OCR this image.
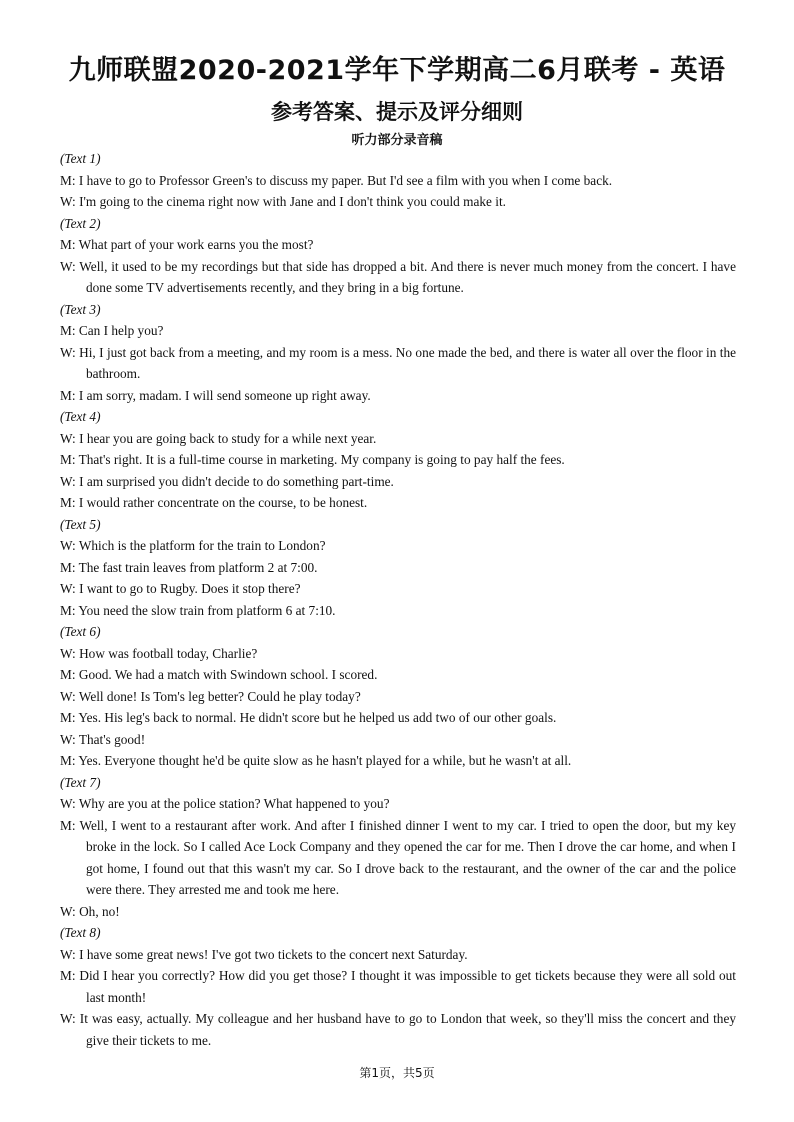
九师联盟2020-2021学年下学期高二6月联考 - 英语
参考答案、提示及评分细则
听力部分录音稿

(Text 1)

M: I have to go to Professor Green's to discuss my paper. But I'd see a film with you when I come back.

W: I'm going to the cinema right now with Jane and I don't think you could make it.

(Text 2)

M: What part of your work earns you the most?

W: Well, it used to be my recordings but that side has dropped a bit. And there is never much money from the concert. I have done some TV advertisements recently, and they bring in a big fortune.

(Text 3)

M: Can I help you?

W: Hi, I just got back from a meeting, and my room is a mess. No one made the bed, and there is water all over the floor in the bathroom.

M: I am sorry, madam. I will send someone up right away.

(Text 4)

W: I hear you are going back to study for a while next year.

M: That's right. It is a full-time course in marketing. My company is going to pay half the fees.

W: I am surprised you didn't decide to do something part-time.

M: I would rather concentrate on the course, to be honest.

(Text 5)

W: Which is the platform for the train to London?

M: The fast train leaves from platform 2 at 7:00.

W: I want to go to Rugby. Does it stop there?

M: You need the slow train from platform 6 at 7:10.

(Text 6)

W: How was football today, Charlie?

M: Good. We had a match with Swindown school. I scored.

W: Well done! Is Tom's leg better? Could he play today?

M: Yes. His leg's back to normal. He didn't score but he helped us add two of our other goals.

W: That's good!

M: Yes. Everyone thought he'd be quite slow as he hasn't played for a while, but he wasn't at all.

(Text 7)

W: Why are you at the police station? What happened to you?

M: Well, I went to a restaurant after work. And after I finished dinner I went to my car. I tried to open the door, but my key broke in the lock. So I called Ace Lock Company and they opened the car for me. Then I drove the car home, and when I got home, I found out that this wasn't my car. So I drove back to the restaurant, and the owner of the car and the police were there. They arrested me and took me here.

W: Oh, no!

(Text 8)

W: I have some great news! I've got two tickets to the concert next Saturday.

M: Did I hear you correctly? How did you get those? I thought it was impossible to get tickets because they were all sold out last month!

W: It was easy, actually. My colleague and her husband have to go to London that week, so they'll miss the concert and they give their tickets to me.

第1页，共5页
